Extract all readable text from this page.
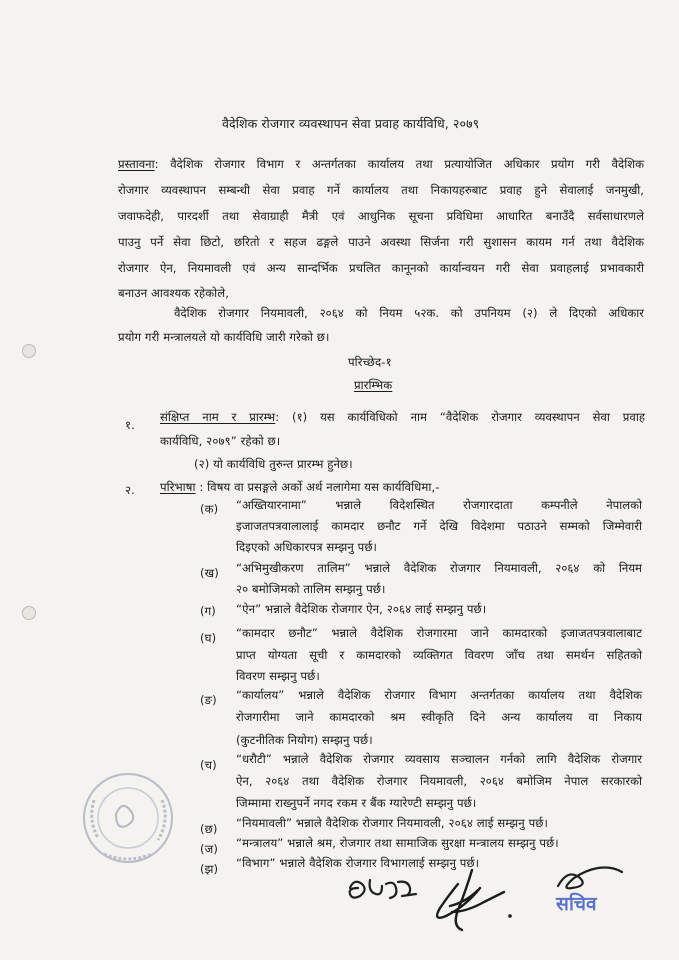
वैदेशिक रोजगार व्यवस्थापन सेवा प्रवाह कार्यविधि, २०७९
प्रस्तावना: वैदेशिक रोजगार विभाग र अन्तर्गतका कार्यालय तथा प्रत्यायोजित अधिकार प्रयोग गरी वैदेशिक
रोजगार व्यवस्थापन सम्बन्धी सेवा प्रवाह गर्ने कार्यालय तथा निकायहरुबाट प्रवाह हुने सेवालाई जनमुखी,
जवाफदेही, पारदर्शी तथा सेवाग्राही मैत्री एवं आधुनिक सूचना प्रविधिमा आधारित बनाउँदै सर्वसाधारणले
पाउनु पर्ने सेवा छिटो, छरितो र सहज ढङ्गले पाउने अवस्था सिर्जना गरी सुशासन कायम गर्न तथा वैदेशिक
रोजगार ऐन, नियमावली एवं अन्य सान्दर्भिक प्रचलित कानूनको कार्यान्वयन गरी सेवा प्रवाहलाई प्रभावकारी
बनाउन आवश्यक रहेकोले,
वैदेशिक रोजगार नियमावली, २०६४ को नियम ५२क. को उपनियम (२) ले दिएको अधिकार
प्रयोग गरी मन्त्रालयले यो कार्यविधि जारी गरेको छ।
परिच्छेद-१
प्रारम्भिक
१.
संक्षिप्त नाम र प्रारम्भ: (१) यस कार्यविधिको नाम “वैदेशिक रोजगार व्यवस्थापन सेवा प्रवाह
कार्यविधि, २०७९” रहेको छ।
(२) यो कार्यविधि तुरुन्त प्रारम्भ हुनेछ।
२. परिभाषा : विषय वा प्रसङ्गले अर्को अर्थ नलागेमा यस कार्यविधिमा,-
(क) “अख्तियारनामा” भन्नाले विदेशस्थित रोजगारदाता कम्पनीले नेपालको
इजाजतपत्रवालालाई कामदार छनौट गर्ने देखि विदेशमा पठाउने सम्मको जिम्मेवारी
दिइएको अधिकारपत्र सम्झनु पर्छ।
(ख) “अभिमुखीकरण तालिम” भन्नाले वैदेशिक रोजगार नियमावली, २०६४ को नियम
२० बमोजिमको तालिम सम्झनु पर्छ।
(ग) “ऐन” भन्नाले वैदेशिक रोजगार ऐन, २०६४ लाई सम्झनु पर्छ।
(घ) “कामदार छनौट” भन्नाले वैदेशिक रोजगारमा जाने कामदारको इजाजतपत्रवालाबाट
प्राप्त योग्यता सूची र कामदारको व्यक्तिगत विवरण जाँच तथा समर्थन सहितको
विवरण सम्झनु पर्छ।
(ङ) “कार्यालय” भन्नाले वैदेशिक रोजगार विभाग अन्तर्गतका कार्यालय तथा वैदेशिक
रोजगारीमा जाने कामदारको श्रम स्वीकृति दिने अन्य कार्यालय वा निकाय
(कुटनीतिक नियोग) सम्झनु पर्छ।
(च) “धरौटी” भन्नाले वैदेशिक रोजगार व्यवसाय सञ्चालन गर्नको लागि वैदेशिक रोजगार
ऐन, २०६४ तथा वैदेशिक रोजगार नियमावली, २०६४ बमोजिम नेपाल सरकारको
जिम्मामा राख्नुपर्ने नगद रकम र बैंक ग्यारेण्टी सम्झनु पर्छ।
(छ) “नियमावली” भन्नाले वैदेशिक रोजगार नियमावली, २०६४ लाई सम्झनु पर्छ।
(ज) “मन्त्रालय” भन्नाले श्रम, रोजगार तथा सामाजिक सुरक्षा मन्त्रालय सम्झनु पर्छ।
(झ) “विभाग” भन्नाले वैदेशिक रोजगार विभागलाई सम्झनु पर्छ।
सचिव
